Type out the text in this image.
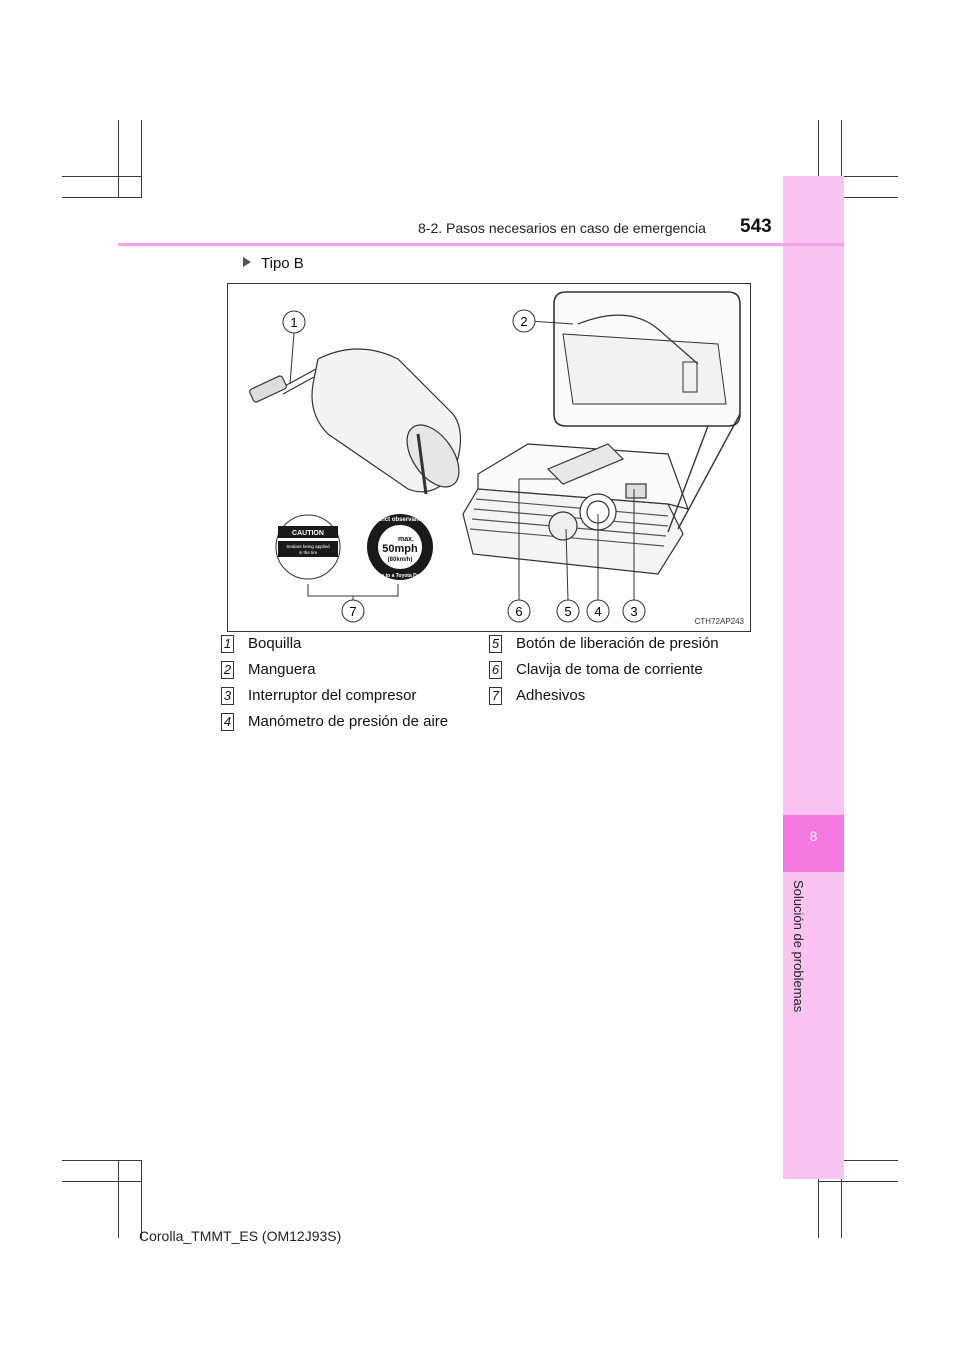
8
Solución de problemas
8-2. Pasos necesarios en caso de emergencia 543
Tipo B
CAUTION
Sealant being applied
in the tire
Strict observance
max.
50mph
(80km/h)
Drive to a Toyota Dealer
1	2
3
4
5
6
7
CTH72AP243
1 Boquilla
2 Manguera
3 Interruptor del compresor
4 Manómetro de presión de aire
5 Botón de liberación de presión
6 Clavija de toma de corriente
7 Adhesivos
Corolla_TMMT_ES (OM12J93S)
